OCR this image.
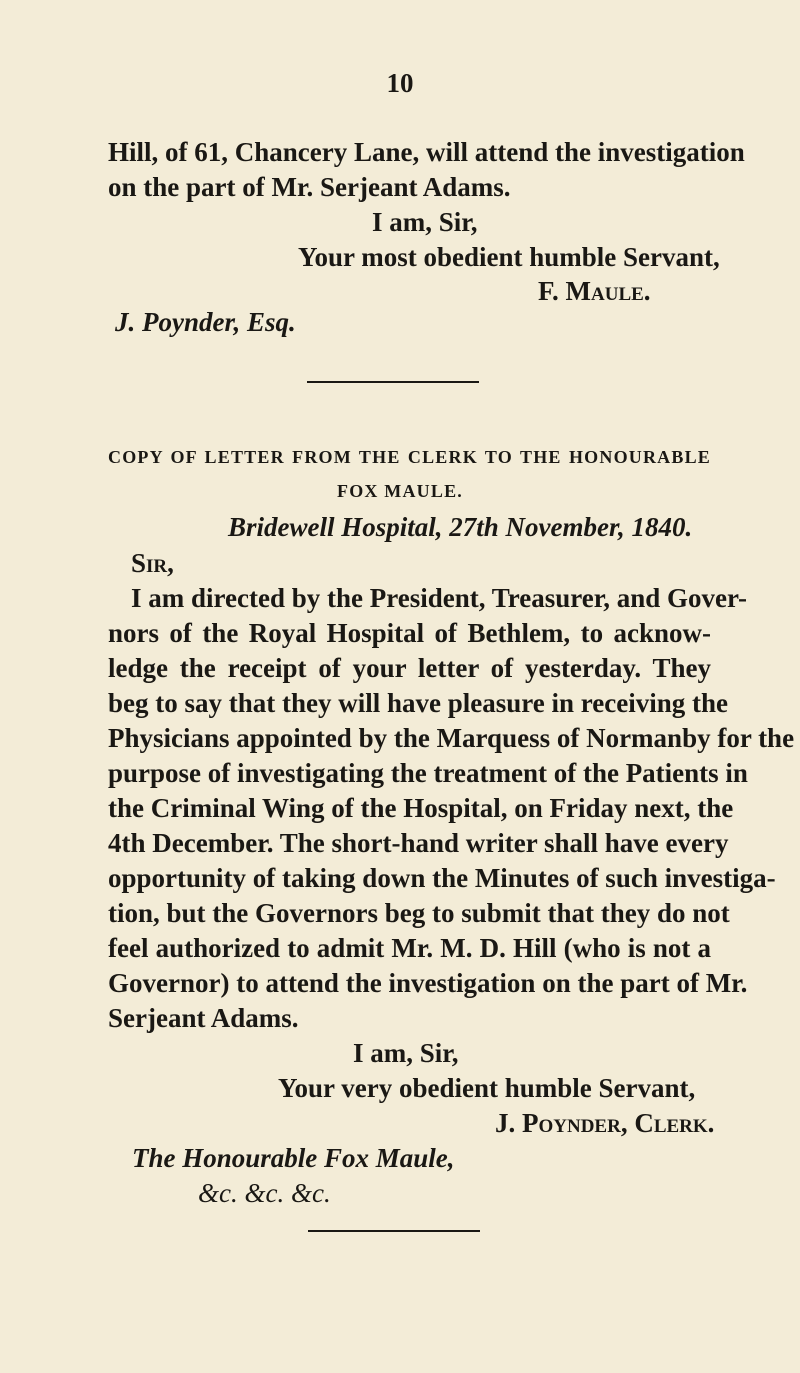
10
Hill, of 61, Chancery Lane, will attend the investigation
on the part of Mr. Serjeant Adams.
I am, Sir,
Your most obedient humble Servant,
F. Maule.
J. Poynder, Esq.
COPY OF LETTER FROM THE CLERK TO THE HONOURABLE
FOX MAULE.
Bridewell Hospital, 27th November, 1840.
Sir,
I am directed by the President, Treasurer, and Gover-
nors of the Royal Hospital of Bethlem, to acknow-
ledge the receipt of your letter of yesterday. They
beg to say that they will have pleasure in receiving the
Physicians appointed by the Marquess of Normanby for the
purpose of investigating the treatment of the Patients in
the Criminal Wing of the Hospital, on Friday next, the
4th December. The short-hand writer shall have every
opportunity of taking down the Minutes of such investiga-
tion, but the Governors beg to submit that they do not
feel authorized to admit Mr. M. D. Hill (who is not a
Governor) to attend the investigation on the part of Mr.
Serjeant Adams.
I am, Sir,
Your very obedient humble Servant,
J. Poynder, Clerk.
The Honourable Fox Maule,
&c. &c. &c.
